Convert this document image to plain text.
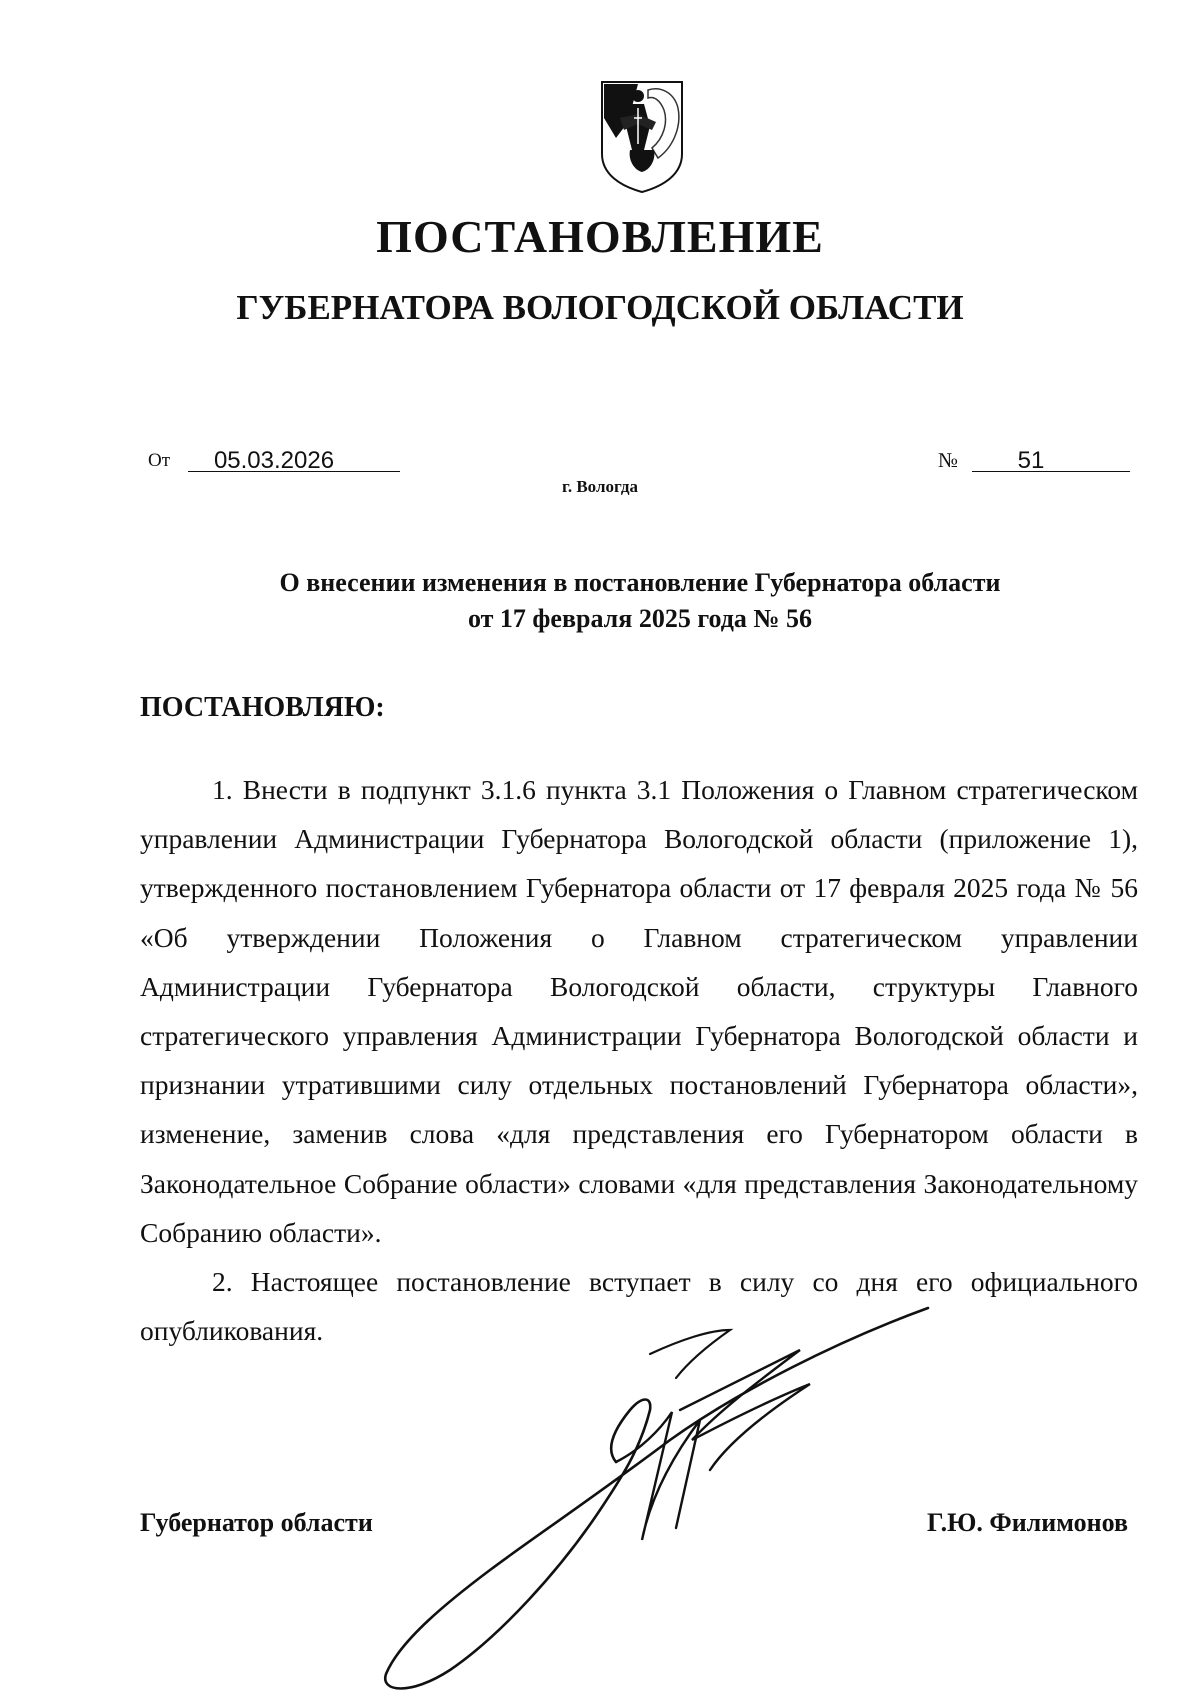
ПОСТАНОВЛЕНИЕ
ГУБЕРНАТОРА ВОЛОГОДСКОЙ ОБЛАСТИ
От	05.03.2026
г. Вологда
№	51
О внесении изменения в постановление Губернатора области
от 17 февраля 2025 года № 56
ПОСТАНОВЛЯЮ:
1. Внести в подпункт 3.1.6 пункта 3.1 Положения о Главном стратегическом управлении Администрации Губернатора Вологодской области (приложение 1), утвержденного постановлением Губернатора области от 17 февраля 2025 года № 56 «Об утверждении Положения о Главном стратегическом управлении Администрации Губернатора Вологодской области, структуры Главного стратегического управления Администрации Губернатора Вологодской области и признании утратившими силу отдельных постановлений Губернатора области», изменение, заменив слова «для представления его Губернатором области в Законодательное Собрание области» словами «для представления Законодательному Собранию области».
2. Настоящее постановление вступает в силу со дня его официального опубликования.
Губернатор области	Г.Ю. Филимонов
